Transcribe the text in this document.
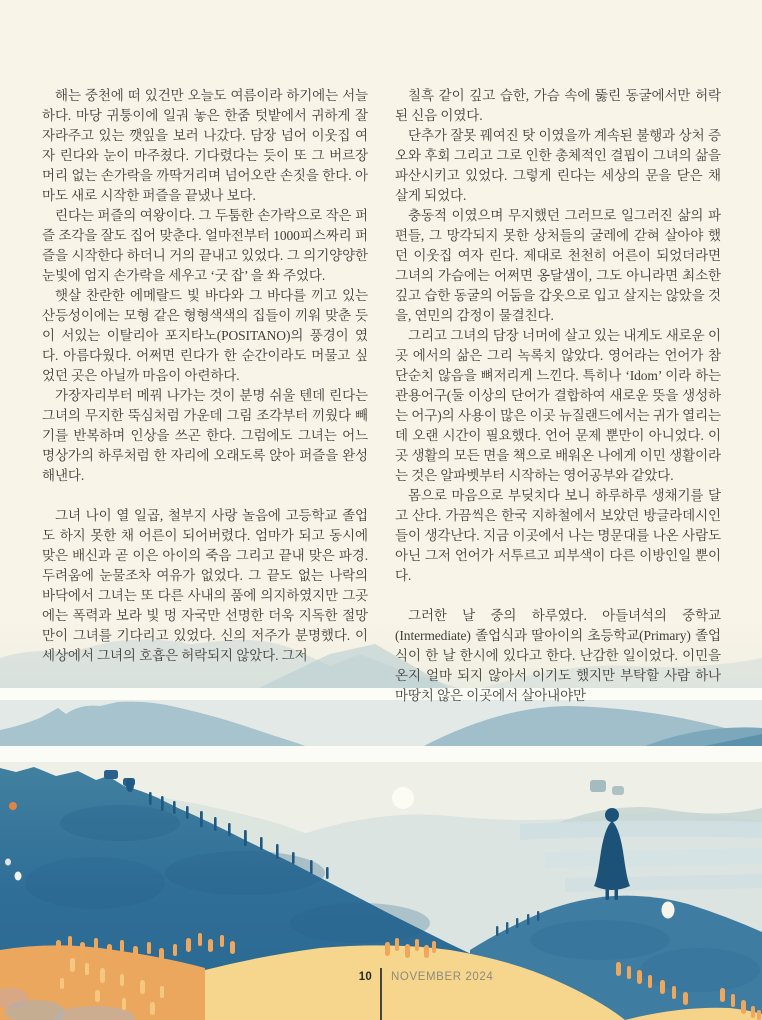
해는 중천에 떠 있건만 오늘도 여름이라 하기에는 서늘하다. 마당 귀퉁이에 일궈 놓은 한줌 텃밭에서 귀하게 잘 자라주고 있는 깻잎을 보러 나갔다. 담장 넘어 이웃집 여자 린다와 눈이 마주쳤다. 기다렸다는 듯이 또 그 버르장머리 없는 손가락을 까딱거리며 넘어오란 손짓을 한다. 아마도 새로 시작한 퍼즐을 끝냈나 보다.

린다는 퍼즐의 여왕이다. 그 두툼한 손가락으로 작은 퍼즐 조각을 잘도 집어 맞춘다. 얼마전부터 1000피스짜리 퍼즐을 시작한다 하더니 거의 끝내고 있었다. 그 의기양양한 눈빛에 엄지 손가락을 세우고 ‘굿 잡’ 을 쏴 주었다.

햇살 찬란한 에메랄드 빛 바다와 그 바다를 끼고 있는 산등성이에는 모형 같은 형형색색의 집들이 끼워 맞춘 듯이 서있는 이탈리아 포지타노(POSITANO)의 풍경이 였다. 아름다웠다. 어쩌면 린다가 한 순간이라도 머물고 싶었던 곳은 아닐까 마음이 아련하다.

가장자리부터 메꿔 나가는 것이 분명 쉬울 텐데 린다는 그녀의 무지한 뚝심처럼 가운데 그림 조각부터 끼웠다 빼기를 반복하며 인상을 쓰곤 한다. 그럼에도 그녀는 어느 명상가의 하루처럼 한 자리에 오래도록 앉아 퍼즐을 완성해낸다.

그녀 나이 열 일곱, 철부지 사랑 놀음에 고등학교 졸업도 하지 못한 채 어른이 되어버렸다. 엄마가 되고 동시에 맞은 배신과 곧 이은 아이의 죽음 그리고 끝내 맞은 파경. 두려움에 눈물조차 여유가 없었다. 그 끝도 없는 나락의 바닥에서 그녀는 또 다른 사내의 품에 의지하였지만 그곳에는 폭력과 보라 빛 멍 자국만 선명한 더욱 지독한 절망만이 그녀를 기다리고 있었다. 신의 저주가 분명했다. 이 세상에서 그녀의 호흡은 허락되지 않았다. 그저

칠흑 같이 깊고 습한, 가슴 속에 뚫린 동굴에서만 허락된 신음 이였다.

단추가 잘못 꿰여진 탓 이였을까 계속된 불행과 상처 증오와 후회 그리고 그로 인한 총체적인 결핍이 그녀의 삶을 파산시키고 있었다. 그렇게 린다는 세상의 문을 닫은 채 살게 되었다.

충동적 이였으며 무지했던 그러므로 일그러진 삶의 파편들, 그 망각되지 못한 상처들의 굴레에 갇혀 살아야 했던 이웃집 여자 린다. 제대로 천천히 어른이 되었더라면 그녀의 가슴에는 어쩌면 옹달샘이, 그도 아니라면 최소한 깊고 습한 동굴의 어둠을 갑옷으로 입고 살지는 않았을 것을, 연민의 감정이 물결친다.

그리고 그녀의 담장 너머에 살고 있는 내게도 새로운 이곳 에서의 삶은 그리 녹록치 않았다. 영어라는 언어가 참 단순치 않음을 뼈저리게 느낀다. 특히나 ‘Idom’ 이라 하는 관용어구(둘 이상의 단어가 결합하여 새로운 뜻을 생성하는 어구)의 사용이 많은 이곳 뉴질랜드에서는 귀가 열리는데 오랜 시간이 필요했다. 언어 문제 뿐만이 아니었다. 이곳 생활의 모든 면을 책으로 배워온 나에게 이민 생활이라는 것은 알파벳부터 시작하는 영어공부와 같았다.

몸으로 마음으로 부딪치다 보니 하루하루 생채기를 달고 산다. 가끔씩은 한국 지하철에서 보았던 방글라데시인들이 생각난다. 지금 이곳에서 나는 명문대를 나온 사람도 아닌 그저 언어가 서투르고 피부색이 다른 이방인일 뿐이다.

그러한 날 중의 하루였다. 아들녀석의 중학교(Intermediate) 졸업식과 딸아이의 초등학교(Primary) 졸업식이 한 날 한시에 있다고 한다. 난감한 일이었다. 이민을 온지 얼마 되지 않아서 이기도 했지만 부탁할 사람 하나 마땅치 않은 이곳에서 살아내야만

10 NOVEMBER 2024
